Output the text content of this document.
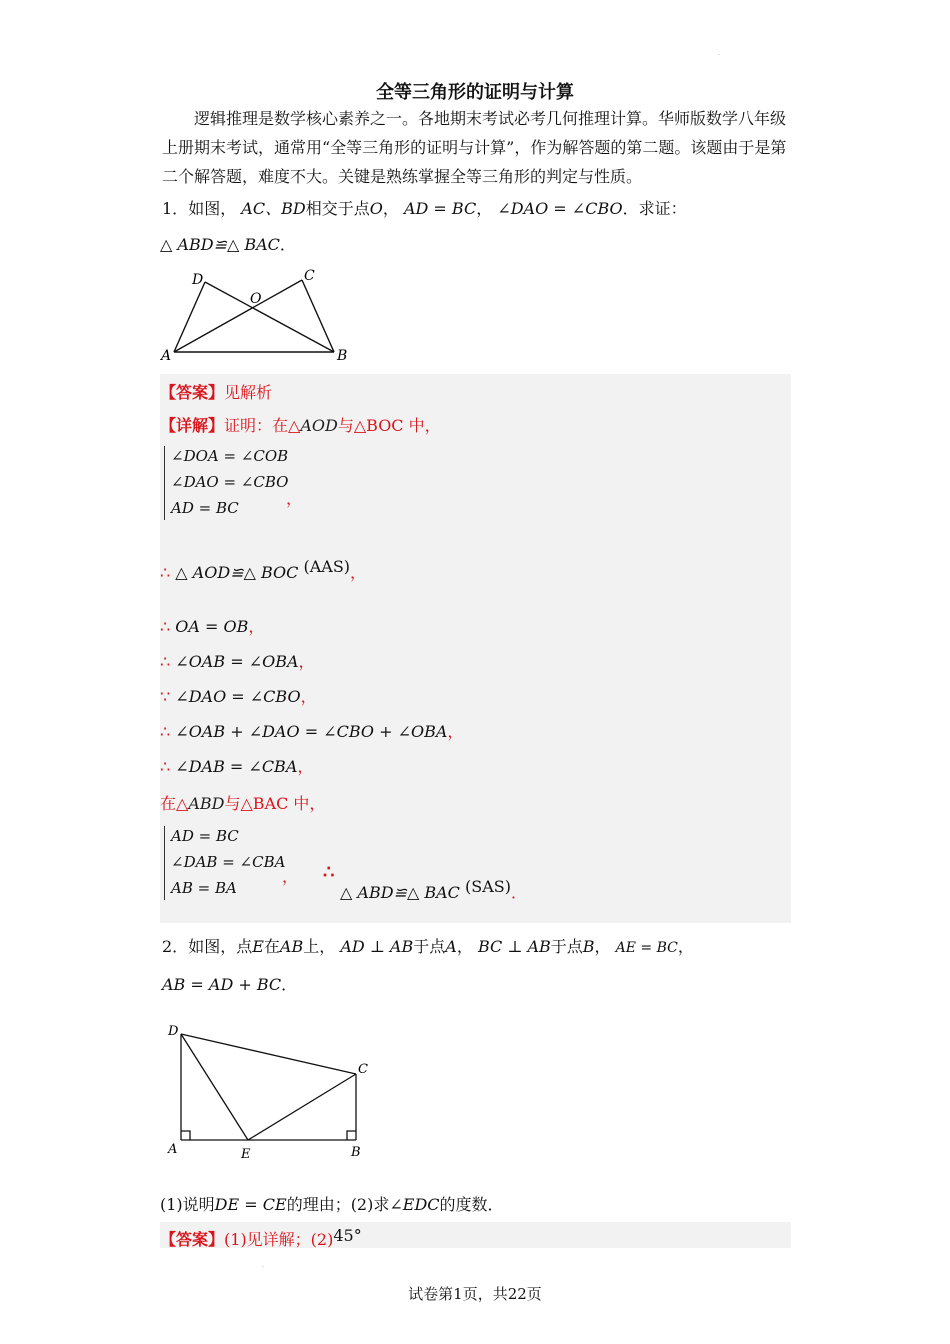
.
全等三角形的证明与计算

逻辑推理是数学核心素养之一。各地期末考试必考几何推理计算。华师版数学八年级上册期末考试，通常用“全等三角形的证明与计算”，作为解答题的第二题。该题由于是第二个解答题，难度不大。关键是熟练掌握全等三角形的判定与性质。

1．如图， AC、BD相交于点O， AD = BC， ∠DAO = ∠CBO．求证：
△ ABD≌△ BAC．
D	C
O
A	B
【答案】见解析
【详解】证明：在△AOD与△BOC 中，
∠DOA = ∠COB
∠DAO = ∠CBO
AD = BC	，
∴ △ AOD≌△ BOC (AAS)，
∴ OA = OB，
∴ ∠OAB = ∠OBA，
∵ ∠DAO = ∠CBO，
∴ ∠OAB + ∠DAO = ∠CBO + ∠OBA，
∴ ∠DAB = ∠CBA，
在△ABD与△BAC 中，
AD = BC
∠DAB = ∠CBA
AB = BA
， ∴
△ ABD≌△ BAC (SAS)．
2．如图，点E在AB上， AD ⊥ AB于点A， BC ⊥ AB于点B， AE = BC，
AB = AD + BC．
D
C
A	E	B
(1)说明DE = CE的理由；(2)求∠EDC的度数．
【答案】(1)见详解；(2)45°
.
试卷第1页，共22页
